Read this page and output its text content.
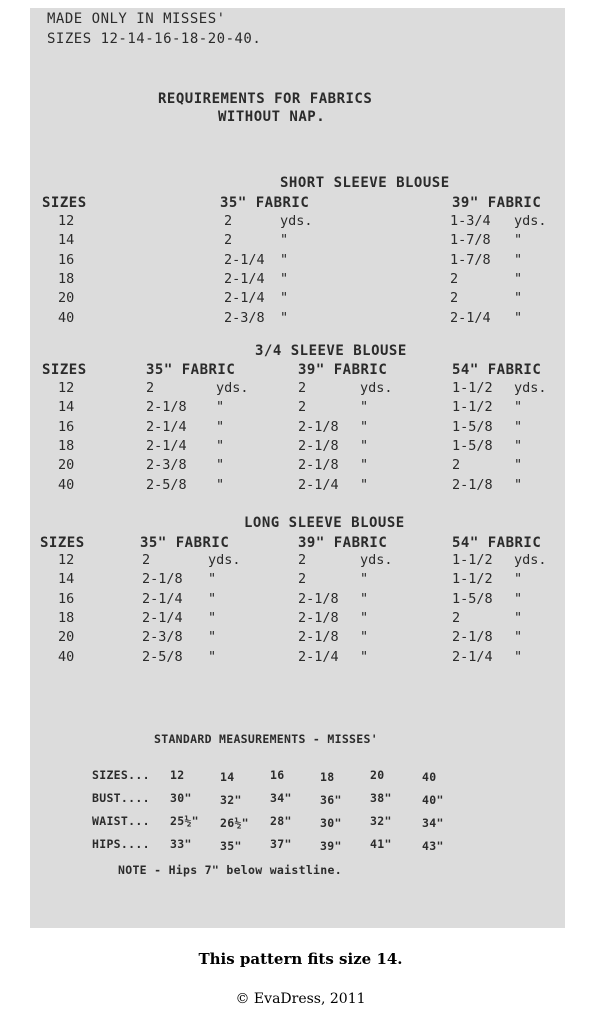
MADE ONLY IN MISSES'
SIZES 12-14-16-18-20-40.
REQUIREMENTS FOR FABRICS
WITHOUT NAP.
SHORT SLEEVE BLOUSE
SIZES	35" FABRIC	39" FABRIC
12	2	yds.	1-3/4 yds.
14	2	"	1-7/8 "
16	2-1/4 "	1-7/8 "
18	2-1/4 "	2	"
20	2-1/4 "	2	"
40	2-3/8 "	2-1/4 "
3/4 SLEEVE BLOUSE
SIZES	35" FABRIC	39" FABRIC	54" FABRIC
12	2	yds.	2	yds.	1-1/2 yds.
14	2-1/8 "	2	"	1-1/2 "
16	2-1/4 "	2-1/8 "	1-5/8 "
18	2-1/4 "	2-1/8 "	1-5/8 "
20	2-3/8 "	2-1/8 "	2	"
40	2-5/8 "	2-1/4 "	2-1/8 "
LONG SLEEVE BLOUSE
SIZES	35" FABRIC	39" FABRIC	54" FABRIC
12	2	yds.	2	yds.	1-1/2 yds.
14	2-1/8 "	2	"	1-1/2 "
16	2-1/4 "	2-1/8 "	1-5/8 "
18	2-1/4 "	2-1/8 "	2	"
20	2-3/8 "	2-1/8 "	2-1/8 "
40	2-5/8 "	2-1/4 "	2-1/4 "
STANDARD MEASUREMENTS - MISSES'
SIZES... 12	14	16	18	20	40
BUST.... 30" 32" 34" 36" 38"	40"
WAIST... 25½" 26½" 28" 30" 32"	34"
HIPS.... 33" 35" 37" 39" 41"	43"
NOTE - Hips 7" below waistline.
This pattern fits size 14.
© EvaDress, 2011
